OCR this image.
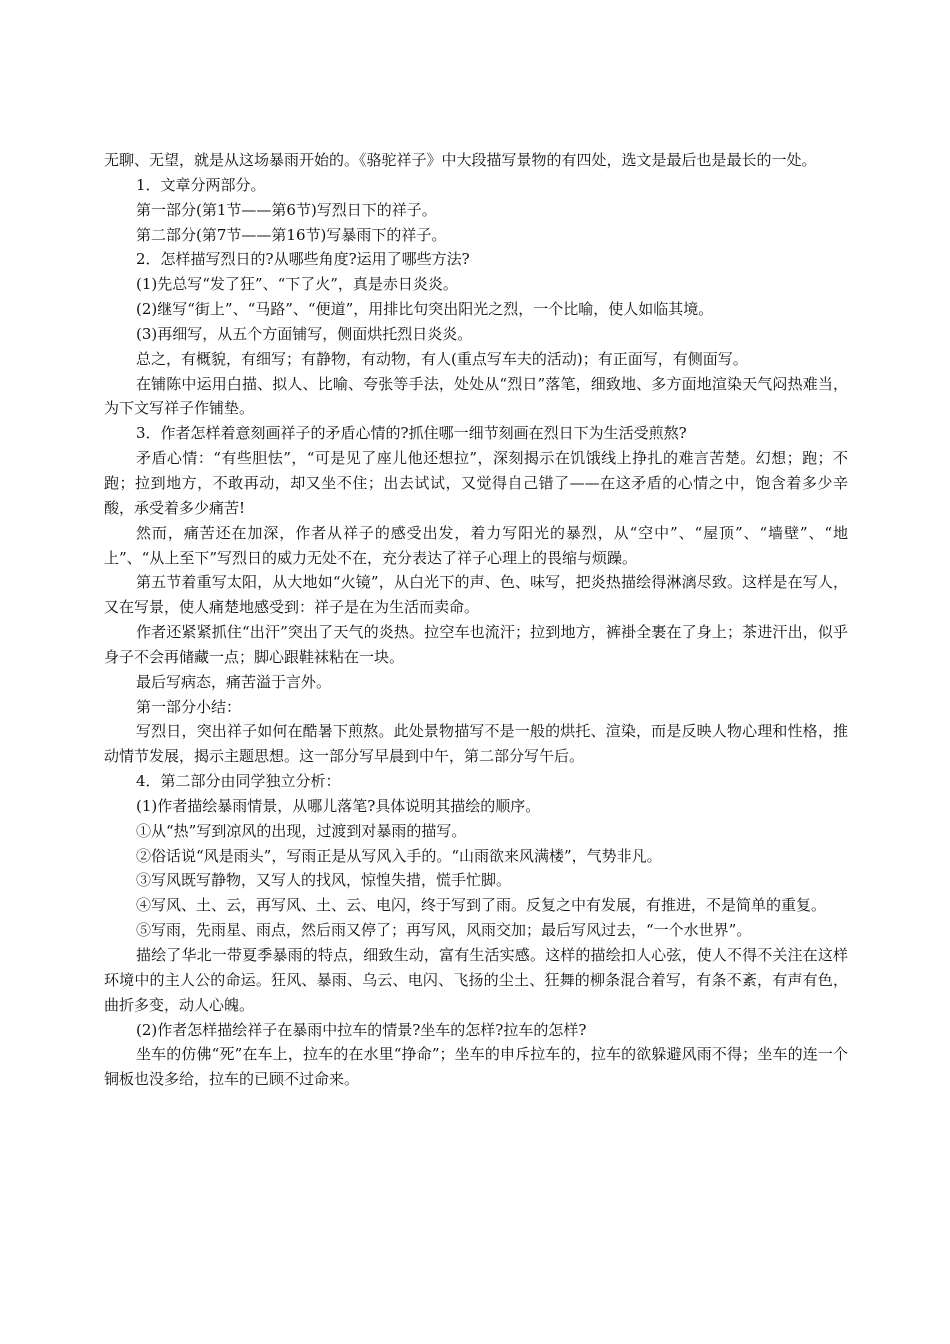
无聊、无望，就是从这场暴雨开始的。《骆驼祥子》中大段描写景物的有四处，选文是最后也是最长的一处。

1．文章分两部分。

第一部分(第1节——第6节)写烈日下的祥子。

第二部分(第7节——第16节)写暴雨下的祥子。

2．怎样描写烈日的?从哪些角度?运用了哪些方法?

(1)先总写“发了狂”、“下了火”，真是赤日炎炎。

(2)继写“街上”、“马路”、“便道”，用排比句突出阳光之烈，一个比喻，使人如临其境。

(3)再细写，从五个方面铺写，侧面烘托烈日炎炎。

总之，有概貌，有细写；有静物，有动物，有人(重点写车夫的活动)；有正面写，有侧面写。

在铺陈中运用白描、拟人、比喻、夸张等手法，处处从“烈日”落笔，细致地、多方面地渲染天气闷热难当，为下文写祥子作铺垫。

3．作者怎样着意刻画祥子的矛盾心情的?抓住哪一细节刻画在烈日下为生活受煎熬?

矛盾心情：“有些胆怯”，“可是见了座儿他还想拉”，深刻揭示在饥饿线上挣扎的难言苦楚。幻想；跑；不跑；拉到地方，不敢再动，却又坐不住；出去试试，又觉得自己错了——在这矛盾的心情之中，饱含着多少辛酸，承受着多少痛苦!

然而，痛苦还在加深，作者从祥子的感受出发，着力写阳光的暴烈，从“空中”、“屋顶”、“墙壁”、“地上”、“从上至下”写烈日的威力无处不在，充分表达了祥子心理上的畏缩与烦躁。

第五节着重写太阳，从大地如“火镜”，从白光下的声、色、味写，把炎热描绘得淋漓尽致。这样是在写人，又在写景，使人痛楚地感受到：祥子是在为生活而卖命。

作者还紧紧抓住“出汗”突出了天气的炎热。拉空车也流汗；拉到地方，裤褂全裹在了身上；茶进汗出，似乎身子不会再储藏一点；脚心跟鞋袜粘在一块。

最后写病态，痛苦溢于言外。

第一部分小结：

写烈日，突出祥子如何在酷暑下煎熬。此处景物描写不是一般的烘托、渲染，而是反映人物心理和性格，推动情节发展，揭示主题思想。这一部分写早晨到中午，第二部分写午后。

4．第二部分由同学独立分析：

(1)作者描绘暴雨情景，从哪儿落笔?具体说明其描绘的顺序。

①从“热”写到凉风的出现，过渡到对暴雨的描写。

②俗话说“风是雨头”，写雨正是从写风入手的。“山雨欲来风满楼”，气势非凡。

③写风既写静物，又写人的找风，惊惶失措，慌手忙脚。

④写风、土、云，再写风、土、云、电闪，终于写到了雨。反复之中有发展，有推进，不是简单的重复。

⑤写雨，先雨星、雨点，然后雨又停了；再写风，风雨交加；最后写风过去，“一个水世界”。

描绘了华北一带夏季暴雨的特点，细致生动，富有生活实感。这样的描绘扣人心弦，使人不得不关注在这样环境中的主人公的命运。狂风、暴雨、乌云、电闪、飞扬的尘土、狂舞的柳条混合着写，有条不紊，有声有色，曲折多变，动人心魄。

(2)作者怎样描绘祥子在暴雨中拉车的情景?坐车的怎样?拉车的怎样?

坐车的仿佛“死”在车上，拉车的在水里“挣命”；坐车的申斥拉车的，拉车的欲躲避风雨不得；坐车的连一个铜板也没多给，拉车的已顾不过命来。
